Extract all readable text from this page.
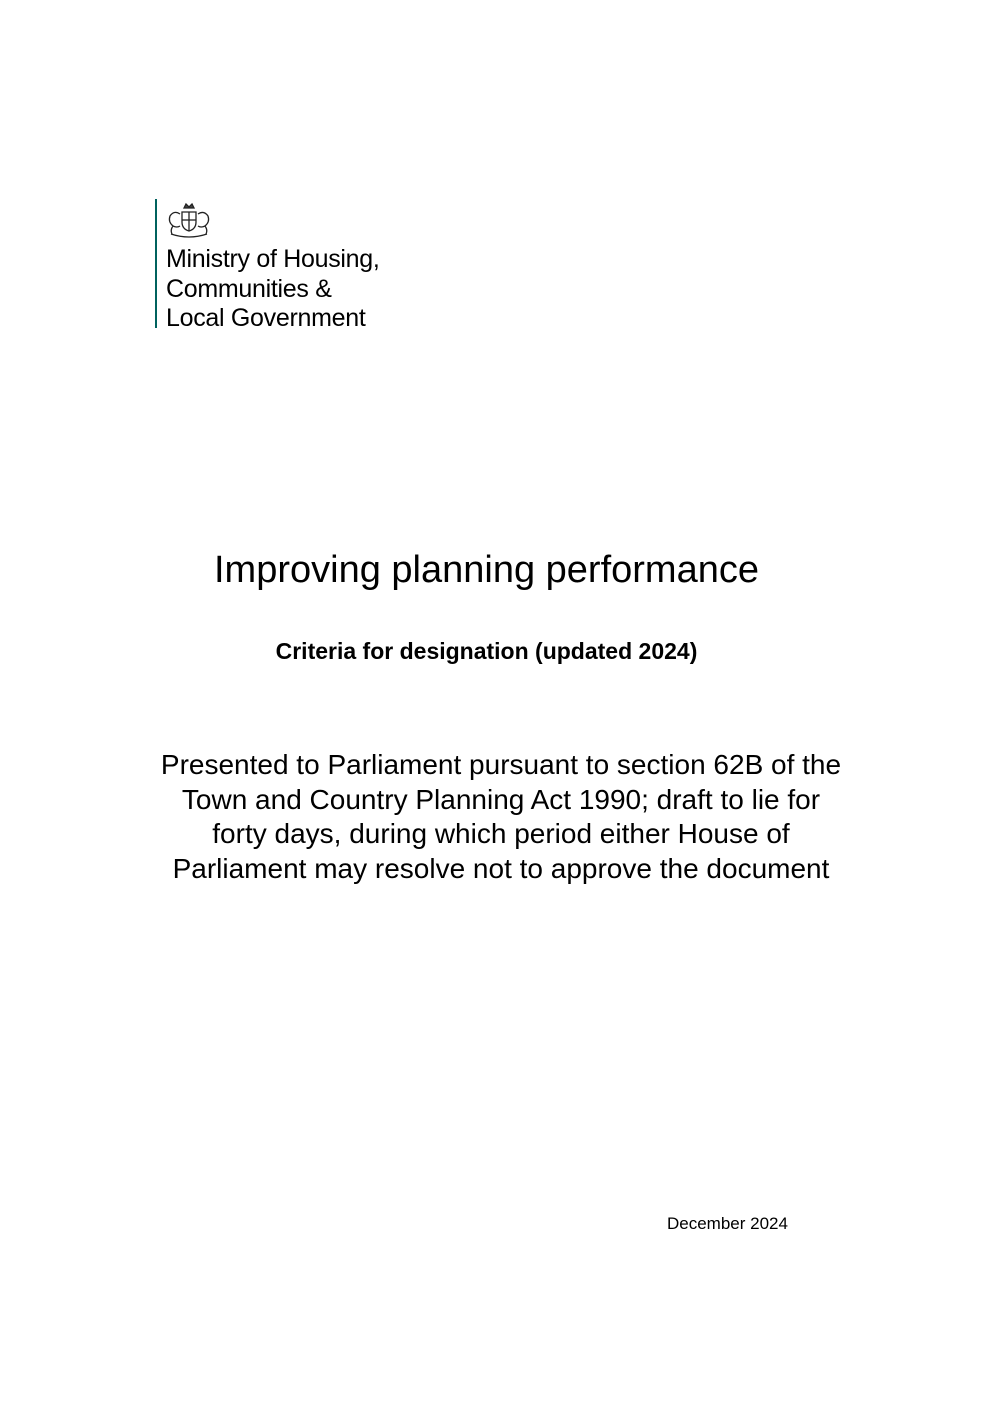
Ministry of Housing,
Communities &
Local Government
Improving planning performance
Criteria for designation (updated 2024)
Presented to Parliament pursuant to section 62B of the Town and Country Planning Act 1990; draft to lie for forty days, during which period either House of Parliament may resolve not to approve the document
December 2024
